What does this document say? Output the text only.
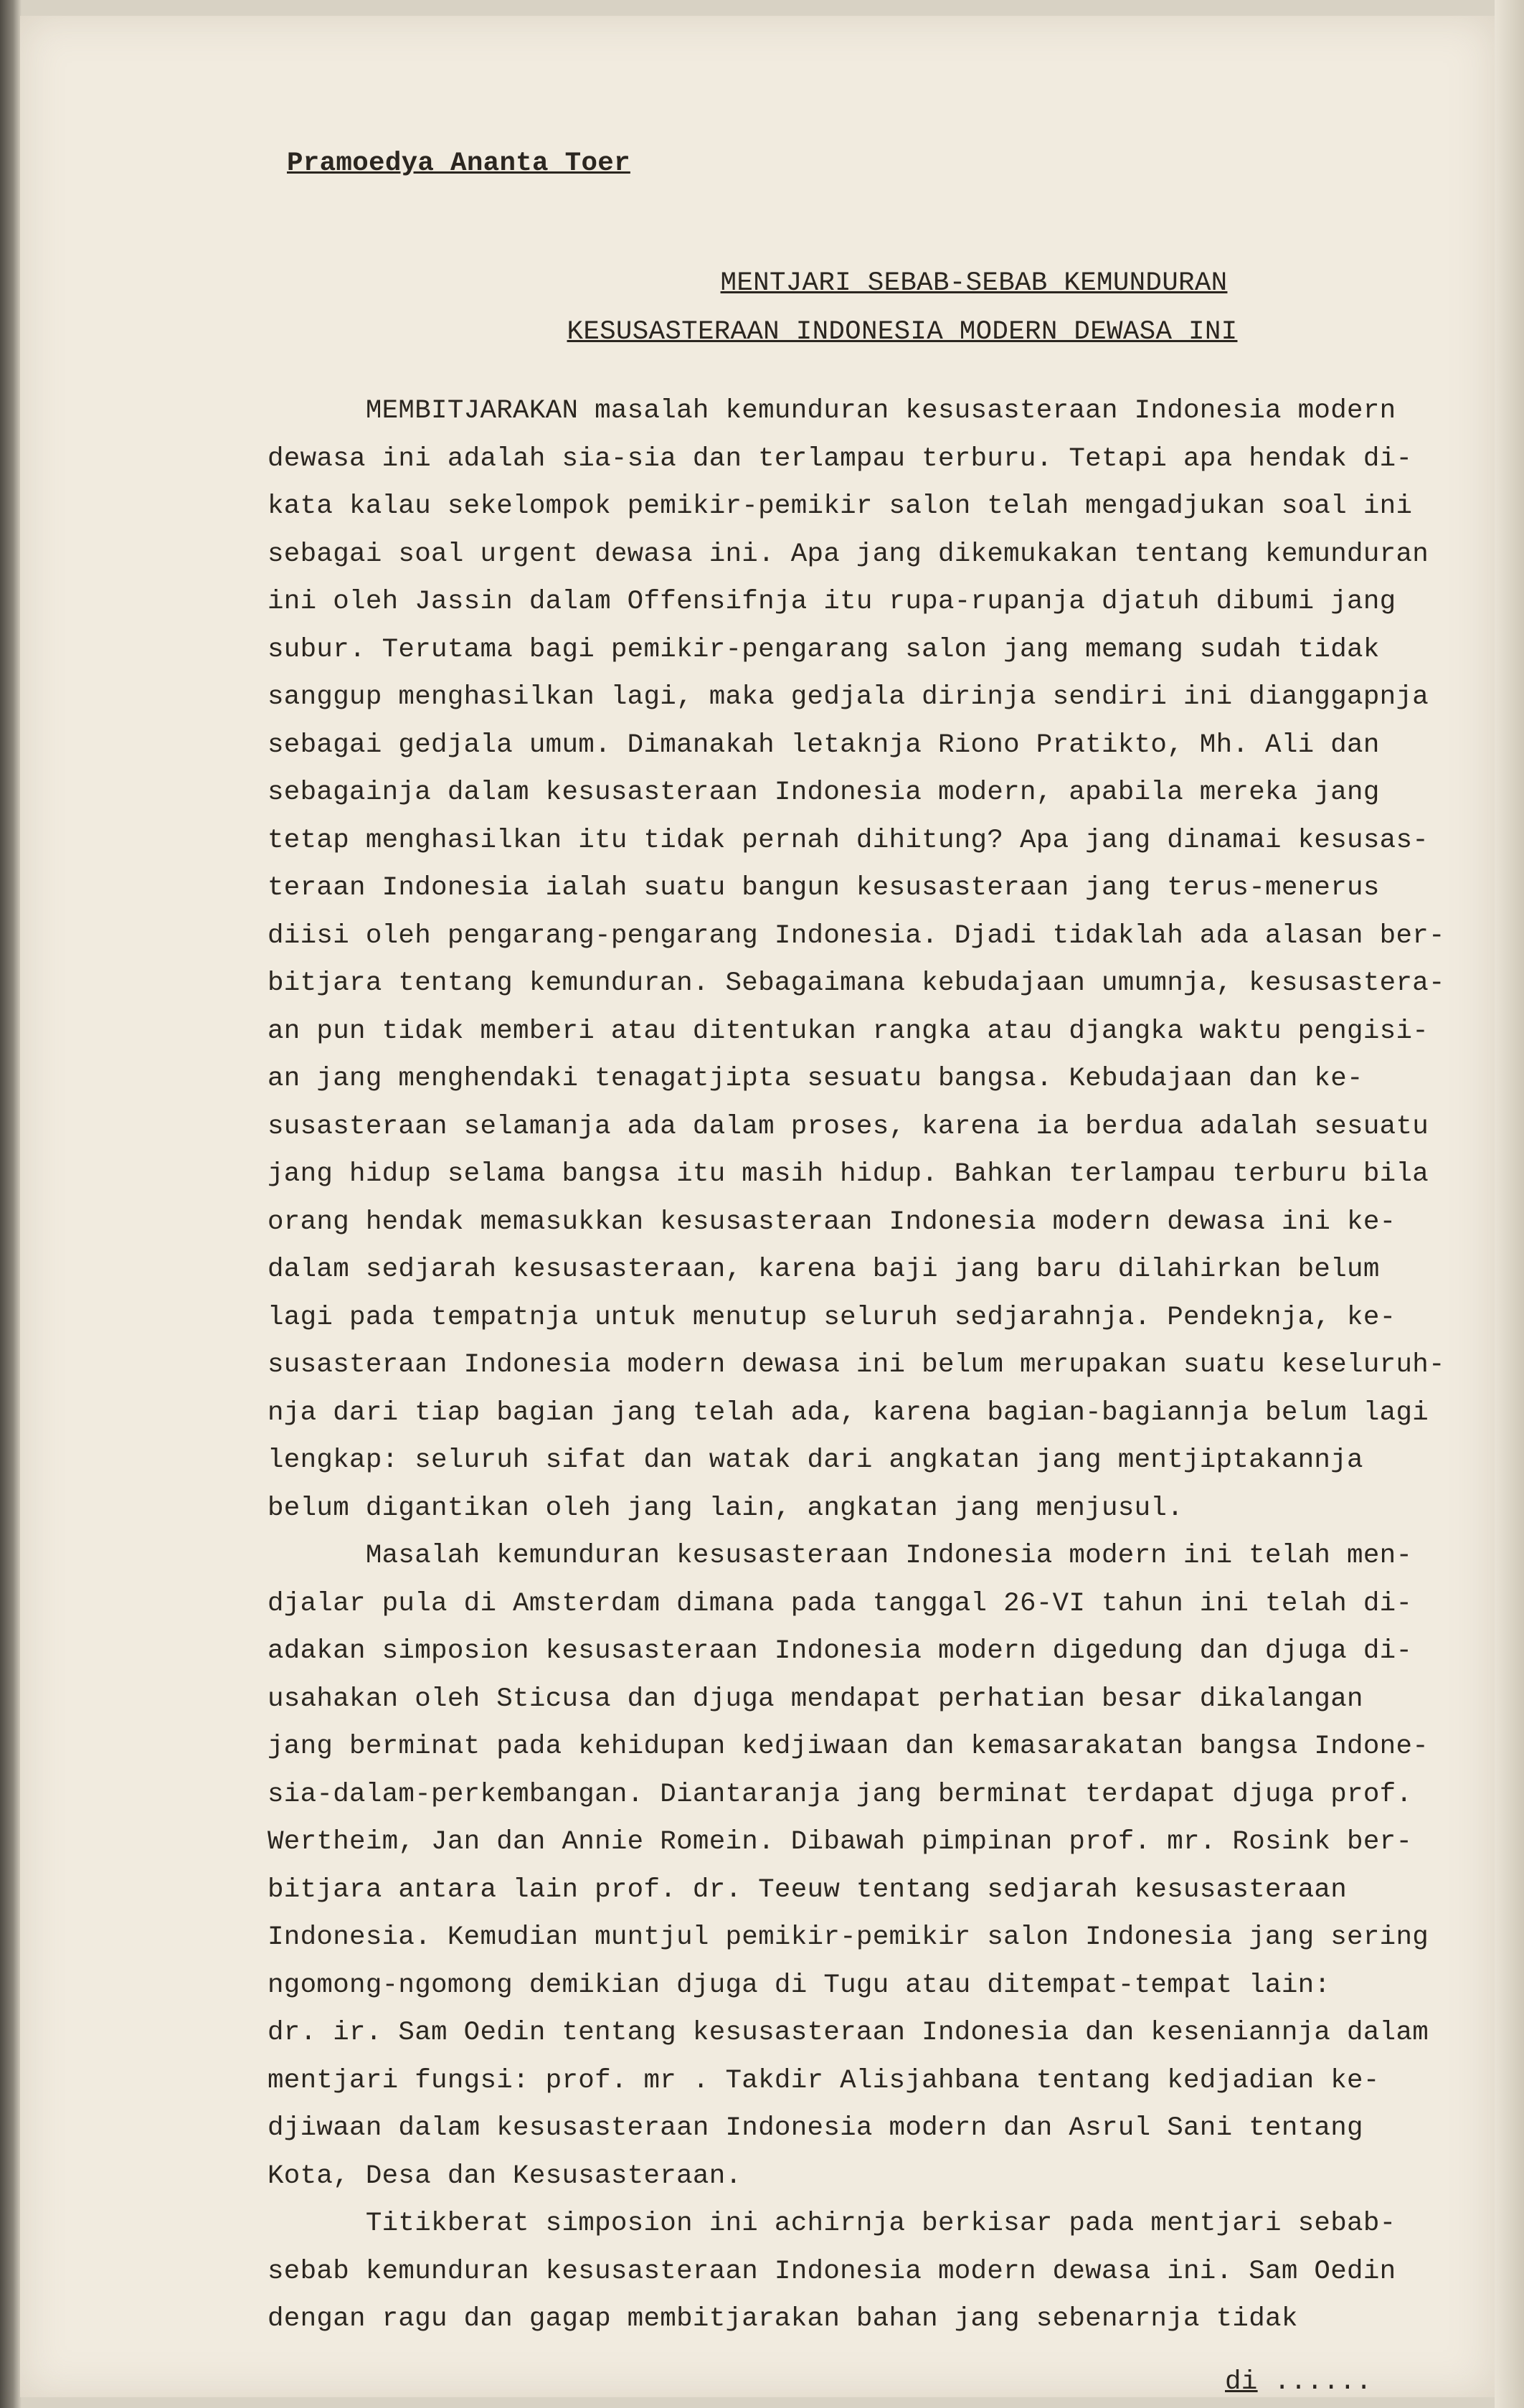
Pramoedya Ananta Toer
MENTJARI SEBAB-SEBAB KEMUNDURAN
KESUSASTERAAN INDONESIA MODERN DEWASA INI
MEMBITJARAKAN masalah kemunduran kesusasteraan Indonesia modern
dewasa ini adalah sia-sia dan terlampau terburu. Tetapi apa hendak di-
kata kalau sekelompok pemikir-pemikir salon telah mengadjukan soal ini
sebagai soal urgent dewasa ini. Apa jang dikemukakan tentang kemunduran
ini oleh Jassin dalam Offensifnja itu rupa-rupanja djatuh dibumi jang
subur. Terutama bagi pemikir-pengarang salon jang memang sudah tidak
sanggup menghasilkan lagi, maka gedjala dirinja sendiri ini dianggapnja
sebagai gedjala umum. Dimanakah letaknja Riono Pratikto, Mh. Ali dan
sebagainja dalam kesusasteraan Indonesia modern, apabila mereka jang
tetap menghasilkan itu tidak pernah dihitung? Apa jang dinamai kesusas-
teraan Indonesia ialah suatu bangun kesusasteraan jang terus-menerus
diisi oleh pengarang-pengarang Indonesia. Djadi tidaklah ada alasan ber-
bitjara tentang kemunduran. Sebagaimana kebudajaan umumnja, kesusastera-
an pun tidak memberi atau ditentukan rangka atau djangka waktu pengisi-
an jang menghendaki tenagatjipta sesuatu bangsa. Kebudajaan dan ke-
susasteraan selamanja ada dalam proses, karena ia berdua adalah sesuatu
jang hidup selama bangsa itu masih hidup. Bahkan terlampau terburu bila
orang hendak memasukkan kesusasteraan Indonesia modern dewasa ini ke-
dalam sedjarah kesusasteraan, karena baji jang baru dilahirkan belum
lagi pada tempatnja untuk menutup seluruh sedjarahnja. Pendeknja, ke-
susasteraan Indonesia modern dewasa ini belum merupakan suatu keseluruh-
nja dari tiap bagian jang telah ada, karena bagian-bagiannja belum lagi
lengkap: seluruh sifat dan watak dari angkatan jang mentjiptakannja
belum digantikan oleh jang lain, angkatan jang menjusul.
Masalah kemunduran kesusasteraan Indonesia modern ini telah men-
djalar pula di Amsterdam dimana pada tanggal 26-VI tahun ini telah di-
adakan simposion kesusasteraan Indonesia modern digedung dan djuga di-
usahakan oleh Sticusa dan djuga mendapat perhatian besar dikalangan
jang berminat pada kehidupan kedjiwaan dan kemasarakatan bangsa Indone-
sia-dalam-perkembangan. Diantaranja jang berminat terdapat djuga prof.
Wertheim, Jan dan Annie Romein. Dibawah pimpinan prof. mr. Rosink ber-
bitjara antara lain prof. dr. Teeuw tentang sedjarah kesusasteraan
Indonesia. Kemudian muntjul pemikir-pemikir salon Indonesia jang sering
ngomong-ngomong demikian djuga di Tugu atau ditempat-tempat lain:
dr. ir. Sam Oedin tentang kesusasteraan Indonesia dan keseniannja dalam
mentjari fungsi: prof. mr . Takdir Alisjahbana tentang kedjadian ke-
djiwaan dalam kesusasteraan Indonesia modern dan Asrul Sani tentang
Kota, Desa dan Kesusasteraan.
Titikberat simposion ini achirnja berkisar pada mentjari sebab-
sebab kemunduran kesusasteraan Indonesia modern dewasa ini. Sam Oedin
dengan ragu dan gagap membitjarakan bahan jang sebenarnja tidak
di ......
